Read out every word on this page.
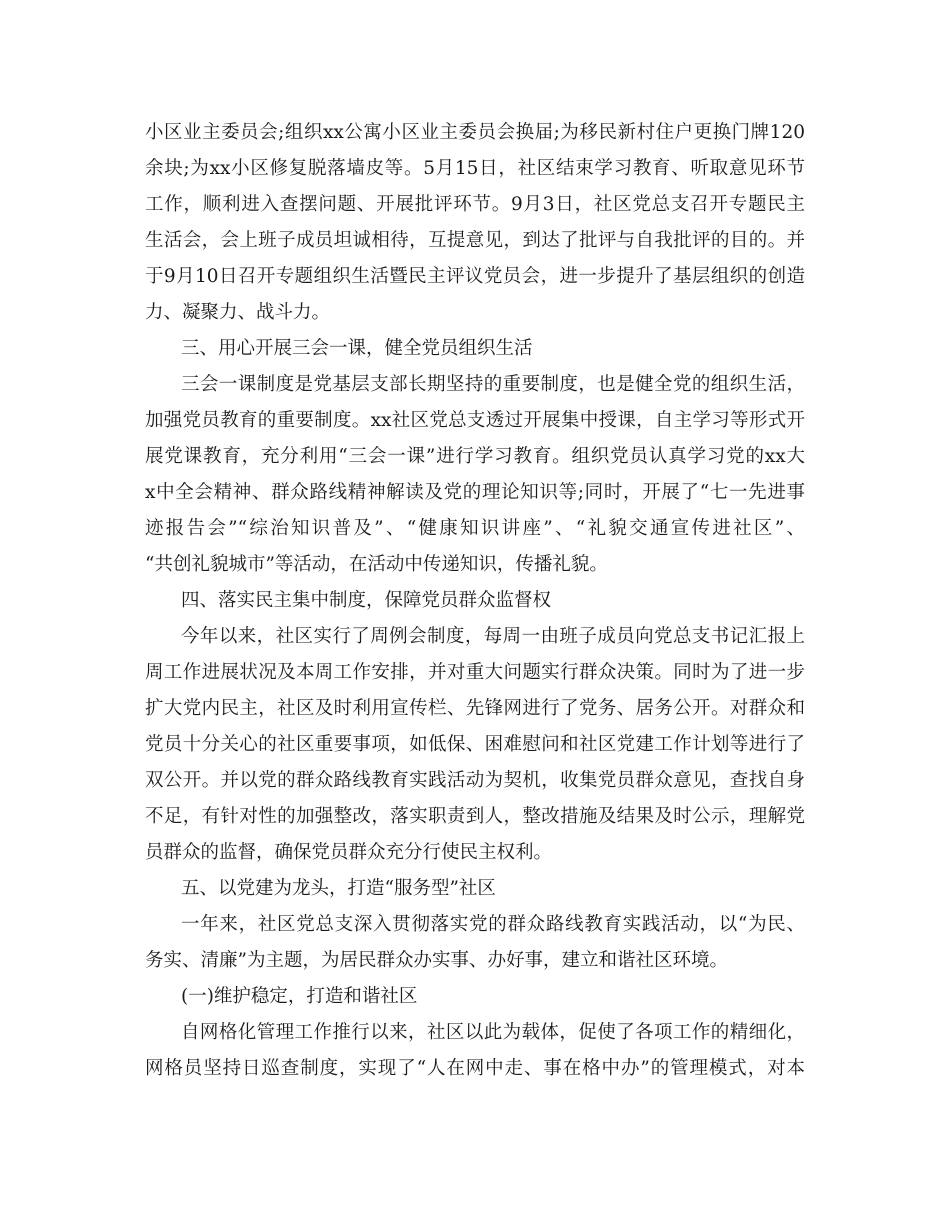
小区业主委员会;组织xx公寓小区业主委员会换届;为移民新村住户更换门牌120
余块;为xx小区修复脱落墙皮等。5月15日，社区结束学习教育、听取意见环节
工作，顺利进入查摆问题、开展批评环节。9月3日，社区党总支召开专题民主
生活会，会上班子成员坦诚相待，互提意见，到达了批评与自我批评的目的。并
于9月10日召开专题组织生活暨民主评议党员会，进一步提升了基层组织的创造
力、凝聚力、战斗力。
三、用心开展三会一课，健全党员组织生活
三会一课制度是党基层支部长期坚持的重要制度，也是健全党的组织生活，
加强党员教育的重要制度。xx社区党总支透过开展集中授课，自主学习等形式开
展党课教育，充分利用“三会一课”进行学习教育。组织党员认真学习党的xx大
x中全会精神、群众路线精神解读及党的理论知识等;同时，开展了“七一先进事
迹报告会”“综治知识普及”、“健康知识讲座”、“礼貌交通宣传进社区”、
“共创礼貌城市”等活动，在活动中传递知识，传播礼貌。
四、落实民主集中制度，保障党员群众监督权
今年以来，社区实行了周例会制度，每周一由班子成员向党总支书记汇报上
周工作进展状况及本周工作安排，并对重大问题实行群众决策。同时为了进一步
扩大党内民主，社区及时利用宣传栏、先锋网进行了党务、居务公开。对群众和
党员十分关心的社区重要事项，如低保、困难慰问和社区党建工作计划等进行了
双公开。并以党的群众路线教育实践活动为契机，收集党员群众意见，查找自身
不足，有针对性的加强整改，落实职责到人，整改措施及结果及时公示，理解党
员群众的监督，确保党员群众充分行使民主权利。
五、以党建为龙头，打造“服务型”社区
一年来，社区党总支深入贯彻落实党的群众路线教育实践活动，以“为民、
务实、清廉”为主题，为居民群众办实事、办好事，建立和谐社区环境。
(一)维护稳定，打造和谐社区
自网格化管理工作推行以来，社区以此为载体，促使了各项工作的精细化，
网格员坚持日巡查制度，实现了“人在网中走、事在格中办”的管理模式，对本
